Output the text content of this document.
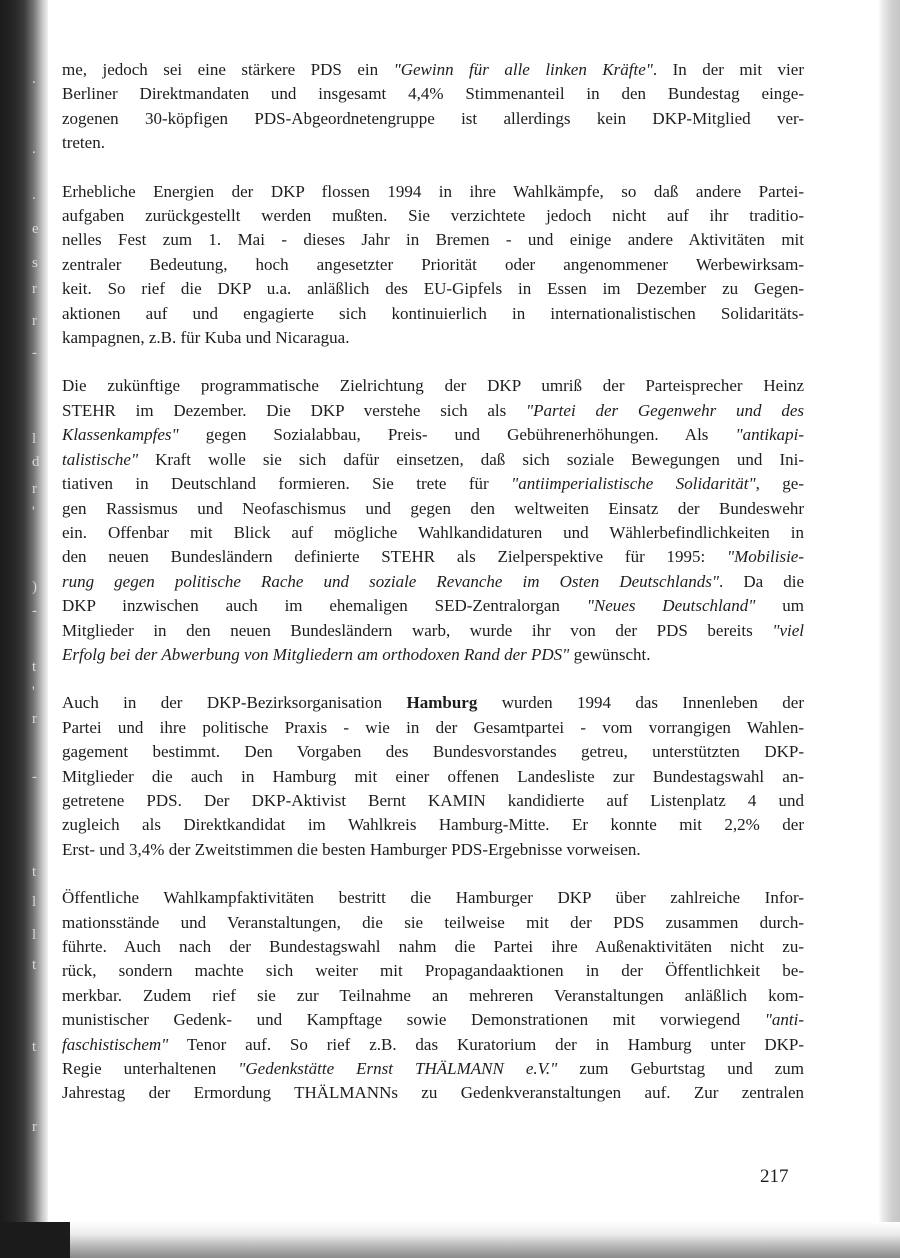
.
.
.
e
s
r
r
-
l
d
r
'
)
-
t
'
r
-
t
l
l
t
t
r
me, jedoch sei eine stärkere PDS ein "Gewinn für alle linken Kräfte". In der mit vier
Berliner Direktmandaten und insgesamt 4,4% Stimmenanteil in den Bundestag einge-
zogenen 30-köpfigen PDS-Abgeordnetengruppe ist allerdings kein DKP-Mitglied ver-
treten.
Erhebliche Energien der DKP flossen 1994 in ihre Wahlkämpfe, so daß andere Partei-
aufgaben zurückgestellt werden mußten. Sie verzichtete jedoch nicht auf ihr traditio-
nelles Fest zum 1. Mai - dieses Jahr in Bremen - und einige andere Aktivitäten mit
zentraler Bedeutung, hoch angesetzter Priorität oder angenommener Werbewirksam-
keit. So rief die DKP u.a. anläßlich des EU-Gipfels in Essen im Dezember zu Gegen-
aktionen auf und engagierte sich kontinuierlich in internationalistischen Solidaritäts-
kampagnen, z.B. für Kuba und Nicaragua.
Die zukünftige programmatische Zielrichtung der DKP umriß der Parteisprecher Heinz
STEHR im Dezember. Die DKP verstehe sich als "Partei der Gegenwehr und des
Klassenkampfes" gegen Sozialabbau, Preis- und Gebührenerhöhungen. Als "antikapi-
talistische" Kraft wolle sie sich dafür einsetzen, daß sich soziale Bewegungen und Ini-
tiativen in Deutschland formieren. Sie trete für "antiimperialistische Solidarität", ge-
gen Rassismus und Neofaschismus und gegen den weltweiten Einsatz der Bundeswehr
ein. Offenbar mit Blick auf mögliche Wahlkandidaturen und Wählerbefindlichkeiten in
den neuen Bundesländern definierte STEHR als Zielperspektive für 1995: "Mobilisie-
rung gegen politische Rache und soziale Revanche im Osten Deutschlands". Da die
DKP inzwischen auch im ehemaligen SED-Zentralorgan "Neues Deutschland" um
Mitglieder in den neuen Bundesländern warb, wurde ihr von der PDS bereits "viel
Erfolg bei der Abwerbung von Mitgliedern am orthodoxen Rand der PDS" gewünscht.
Auch in der DKP-Bezirksorganisation Hamburg wurden 1994 das Innenleben der
Partei und ihre politische Praxis - wie in der Gesamtpartei - vom vorrangigen Wahlen-
gagement bestimmt. Den Vorgaben des Bundesvorstandes getreu, unterstützten DKP-
Mitglieder die auch in Hamburg mit einer offenen Landesliste zur Bundestagswahl an-
getretene PDS. Der DKP-Aktivist Bernt KAMIN kandidierte auf Listenplatz 4 und
zugleich als Direktkandidat im Wahlkreis Hamburg-Mitte. Er konnte mit 2,2% der
Erst- und 3,4% der Zweitstimmen die besten Hamburger PDS-Ergebnisse vorweisen.
Öffentliche Wahlkampfaktivitäten bestritt die Hamburger DKP über zahlreiche Infor-
mationsstände und Veranstaltungen, die sie teilweise mit der PDS zusammen durch-
führte. Auch nach der Bundestagswahl nahm die Partei ihre Außenaktivitäten nicht zu-
rück, sondern machte sich weiter mit Propagandaaktionen in der Öffentlichkeit be-
merkbar. Zudem rief sie zur Teilnahme an mehreren Veranstaltungen anläßlich kom-
munistischer Gedenk- und Kampftage sowie Demonstrationen mit vorwiegend "anti-
faschistischem" Tenor auf. So rief z.B. das Kuratorium der in Hamburg unter DKP-
Regie unterhaltenen "Gedenkstätte Ernst THÄLMANN e.V." zum Geburtstag und zum
Jahrestag der Ermordung THÄLMANNs zu Gedenkveranstaltungen auf. Zur zentralen
217
